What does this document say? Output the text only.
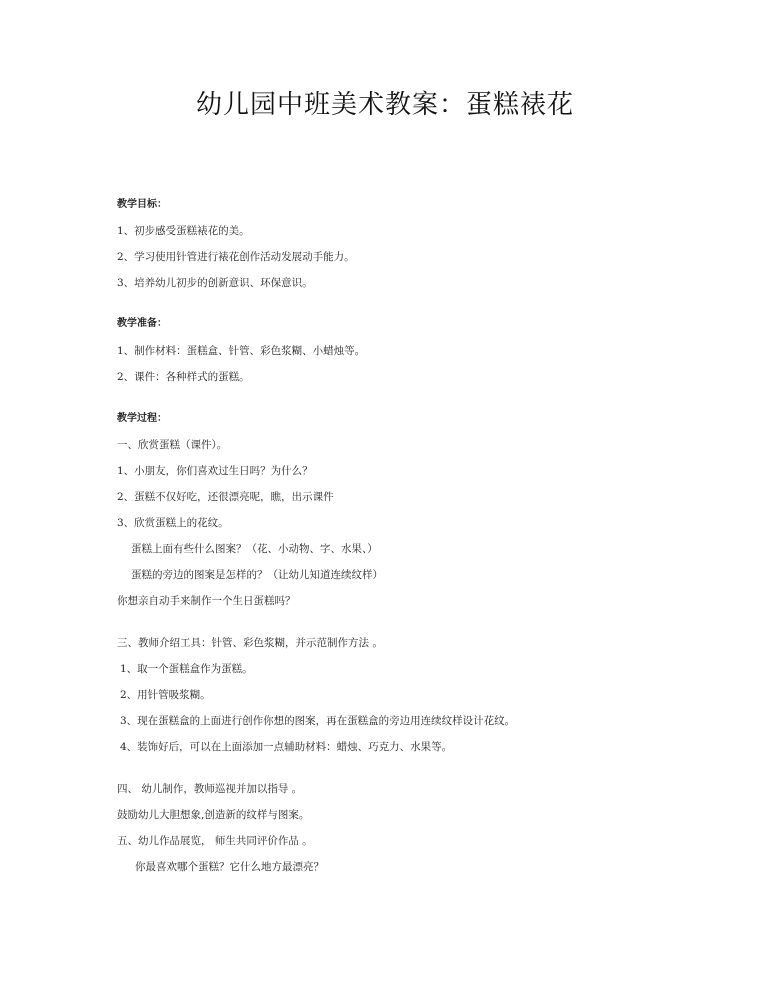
幼儿园中班美术教案：蛋糕裱花
教学目标：
1、初步感受蛋糕裱花的美。
2、学习使用针管进行裱花创作活动发展动手能力。
3、培养幼儿初步的创新意识、环保意识。
教学准备：
1、制作材料：蛋糕盒、针管、彩色浆糊、小蜡烛等。
2、课件：各种样式的蛋糕。
教学过程：
一、欣赏蛋糕（课件）。
1、小朋友，你们喜欢过生日吗？为什么？
2、蛋糕不仅好吃，还很漂亮呢，瞧，出示课件
3、欣赏蛋糕上的花纹。
蛋糕上面有些什么图案？（花、小动物、字、水果、）
蛋糕的旁边的图案是怎样的？（让幼儿知道连续纹样）
你想亲自动手来制作一个生日蛋糕吗？
三、教师介绍工具：针管、彩色浆糊，并示范制作方法 。
1、取一个蛋糕盒作为蛋糕。
2、用针管吸浆糊。
3、现在蛋糕盒的上面进行创作你想的图案，再在蛋糕盒的旁边用连续纹样设计花纹。
4、装饰好后，可以在上面添加一点辅助材料：蜡烛、巧克力、水果等。
四、 幼儿制作，教师巡视并加以指导 。
鼓励幼儿大胆想象,创造新的纹样与图案。
五、幼儿作品展览， 师生共同评价作品 。
你最喜欢哪个蛋糕？它什么地方最漂亮？
